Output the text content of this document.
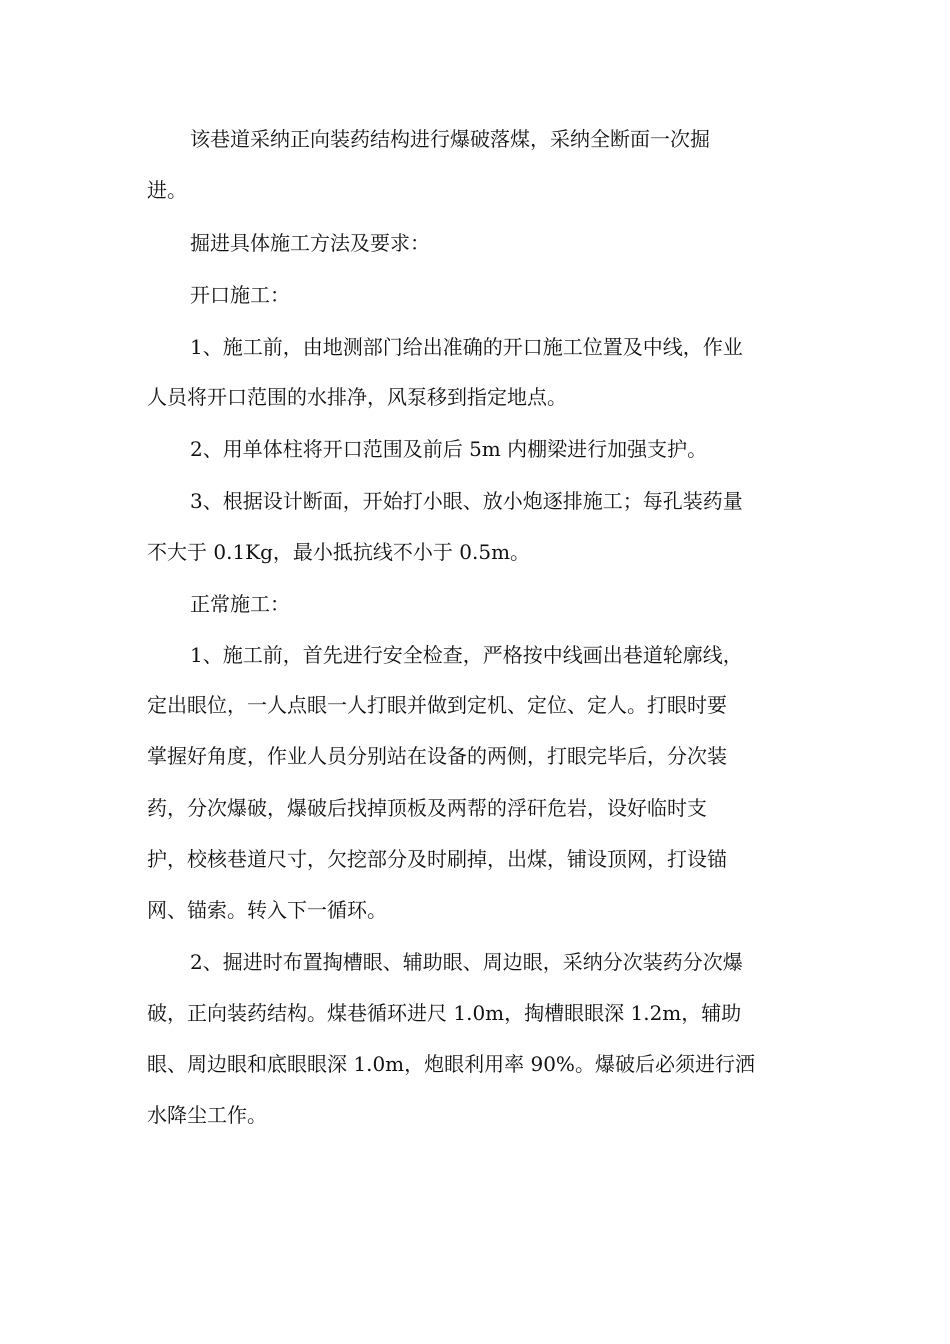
该巷道采纳正向装药结构进行爆破落煤，采纳全断面一次掘
进。
掘进具体施工方法及要求：
开口施工：
1、施工前，由地测部门给出准确的开口施工位置及中线，作业
人员将开口范围的水排净，风泵移到指定地点。
2、用单体柱将开口范围及前后 5m 内棚梁进行加强支护。
3、根据设计断面，开始打小眼、放小炮逐排施工；每孔装药量
不大于 0.1Kg，最小抵抗线不小于 0.5m。
正常施工：
1、施工前，首先进行安全检查，严格按中线画出巷道轮廓线，
定出眼位，一人点眼一人打眼并做到定机、定位、定人。打眼时要
掌握好角度，作业人员分别站在设备的两侧，打眼完毕后，分次装
药，分次爆破，爆破后找掉顶板及两帮的浮矸危岩，设好临时支
护，校核巷道尺寸，欠挖部分及时刷掉，出煤，铺设顶网，打设锚
网、锚索。转入下一循环。
2、掘进时布置掏槽眼、辅助眼、周边眼，采纳分次装药分次爆
破，正向装药结构。煤巷循环进尺 1.0m，掏槽眼眼深 1.2m，辅助
眼、周边眼和底眼眼深 1.0m，炮眼利用率 90%。爆破后必须进行洒
水降尘工作。
